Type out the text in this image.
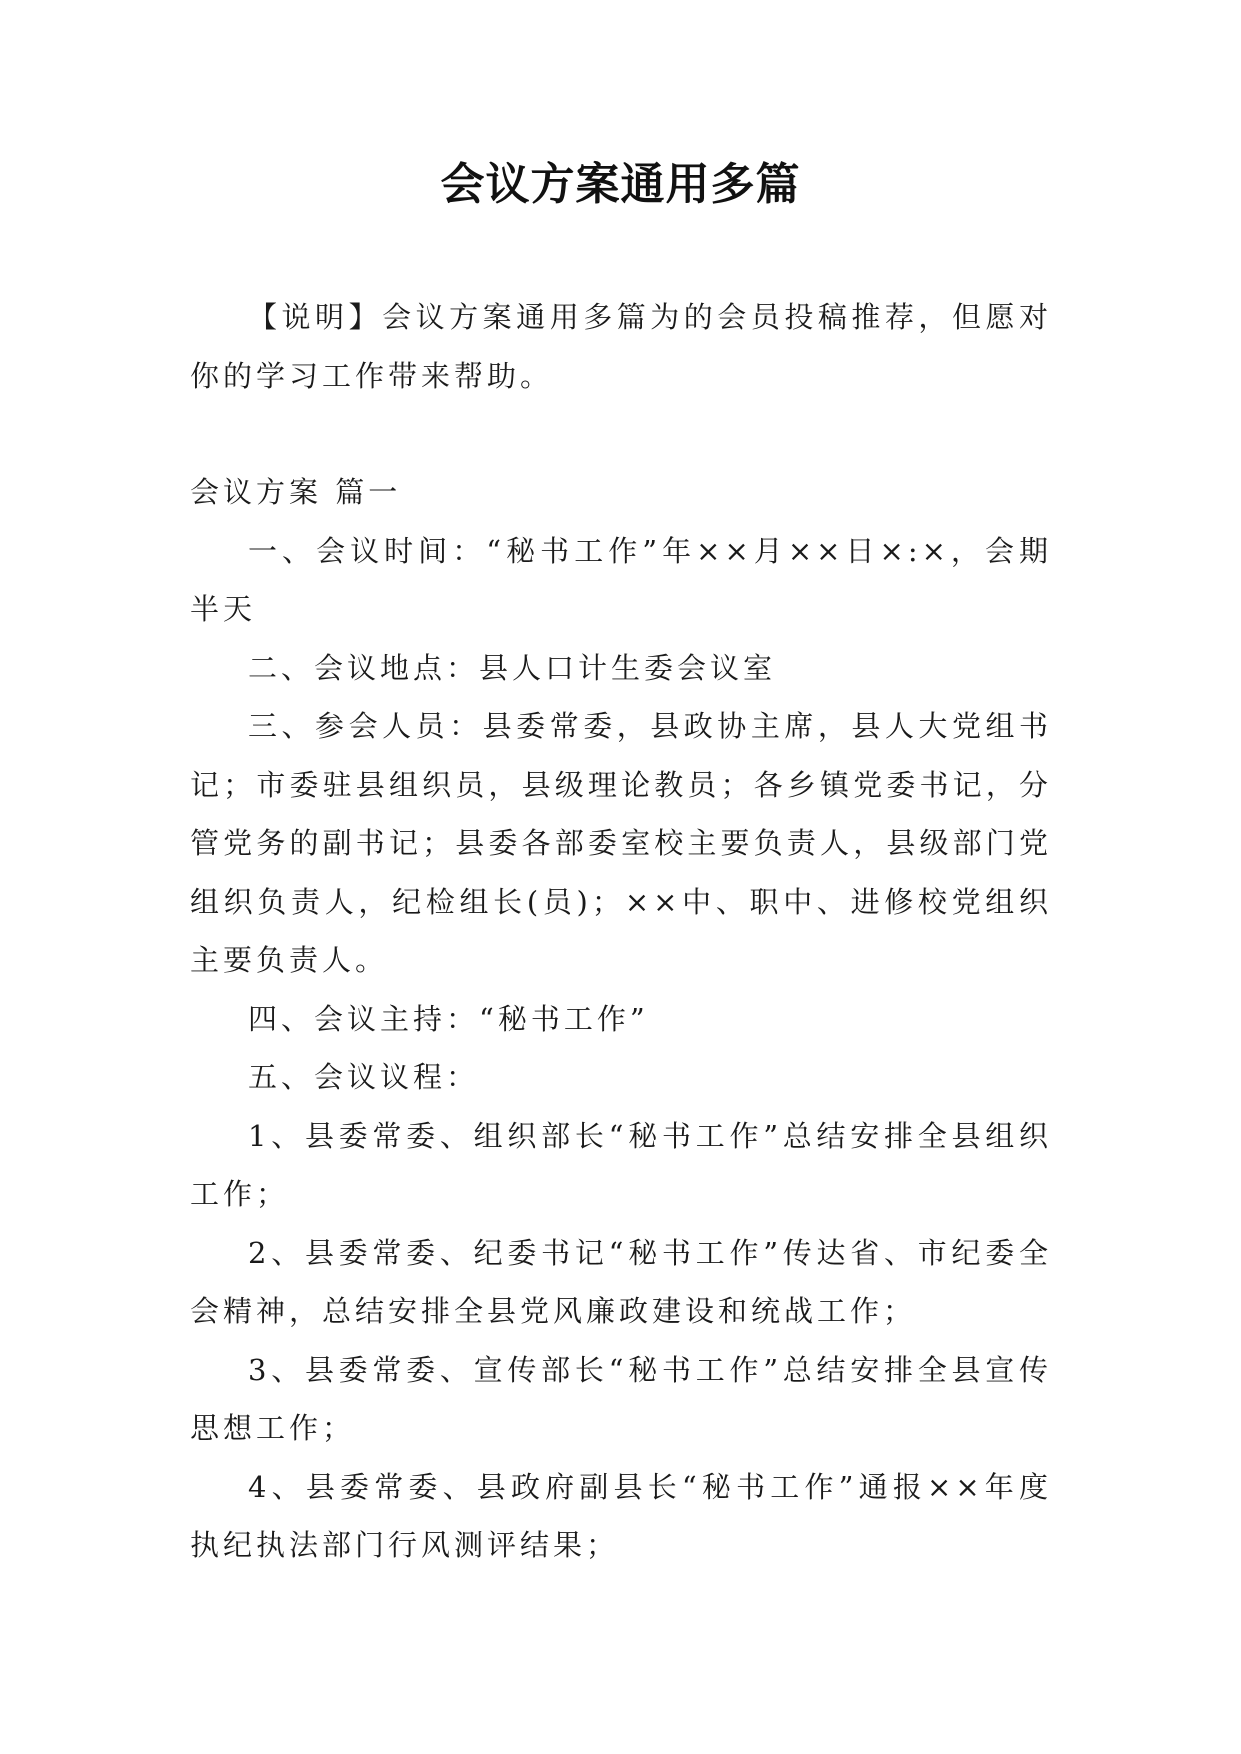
会议方案通用多篇

【说明】会议方案通用多篇为的会员投稿推荐，但愿对你的学习工作带来帮助。

会议方案 篇一

一、会议时间：“秘书工作”年××月××日×:×，会期半天

二、会议地点：县人口计生委会议室

三、参会人员：县委常委，县政协主席，县人大党组书记；市委驻县组织员，县级理论教员；各乡镇党委书记，分管党务的副书记；县委各部委室校主要负责人，县级部门党组织负责人，纪检组长(员)；××中、职中、进修校党组织主要负责人。

四、会议主持：“秘书工作”

五、会议议程：

1、县委常委、组织部长“秘书工作”总结安排全县组织工作；

2、县委常委、纪委书记“秘书工作”传达省、市纪委全会精神，总结安排全县党风廉政建设和统战工作；

3、县委常委、宣传部长“秘书工作”总结安排全县宣传思想工作；

4、县委常委、县政府副县长“秘书工作”通报××年度执纪执法部门行风测评结果；
